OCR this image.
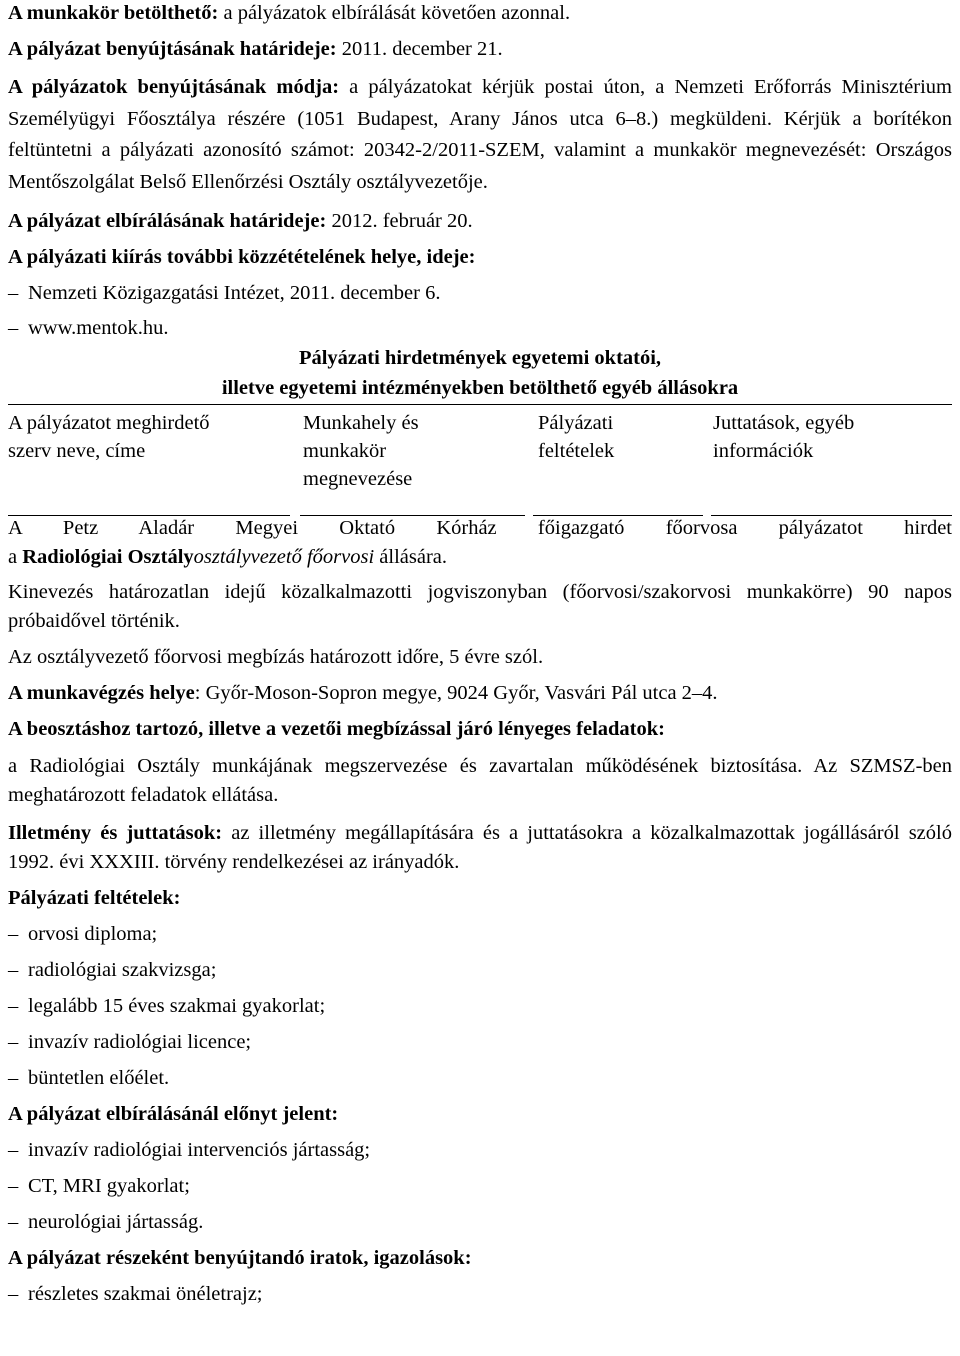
A munkakör betölthető: a pályázatok elbírálását követően azonnal.

A pályázat benyújtásának határideje: 2011. december 21.

A pályázatok benyújtásának módja: a pályázatokat kérjük postai úton, a Nemzeti Erőforrás Minisztérium Személyügyi Főosztálya részére (1051 Budapest, Arany János utca 6–8.) megküldeni. Kérjük a borítékon feltüntetni a pályázati azonosító számot: 20342-2/2011-SZEM, valamint a munkakör megnevezését: Országos Mentőszolgálat Belső Ellenőrzési Osztály osztályvezetője.

A pályázat elbírálásának határideje: 2012. február 20.

A pályázati kiírás további közzétételének helye, ideje:

– Nemzeti Közigazgatási Intézet, 2011. december 6.

– www.mentok.hu.

Pályázati hirdetmények egyetemi oktatói,

illetve egyetemi intézményekben betölthető egyéb állásokra

A pályázatot meghirdető
szerv neve, címe
Munkahely és
munkakör
megnevezése
Pályázati
feltételek
Juttatások, egyéb
információk

A Petz Aladár Megyei Oktató Kórház főigazgató főorvosa pályázatot hirdet

a Radiológiai Osztályosztályvezető főorvosi állására.

Kinevezés határozatlan idejű közalkalmazotti jogviszonyban (főorvosi/szakorvosi munkakörre) 90 napos próbaidővel történik.

Az osztályvezető főorvosi megbízás határozott időre, 5 évre szól.

A munkavégzés helye: Győr-Moson-Sopron megye, 9024 Győr, Vasvári Pál utca 2–4.

A beosztáshoz tartozó, illetve a vezetői megbízással járó lényeges feladatok:

a Radiológiai Osztály munkájának megszervezése és zavartalan működésének biztosítása. Az SZMSZ-ben meghatározott feladatok ellátása.

Illetmény és juttatások: az illetmény megállapítására és a juttatásokra a közalkalmazottak jogállásáról szóló 1992. évi XXXIII. törvény rendelkezései az irányadók.

Pályázati feltételek:

– orvosi diploma;

– radiológiai szakvizsga;

– legalább 15 éves szakmai gyakorlat;

– invazív radiológiai licence;

– büntetlen előélet.

A pályázat elbírálásánál előnyt jelent:

– invazív radiológiai intervenciós jártasság;

– CT, MRI gyakorlat;

– neurológiai jártasság.

A pályázat részeként benyújtandó iratok, igazolások:

– részletes szakmai önéletrajz;
